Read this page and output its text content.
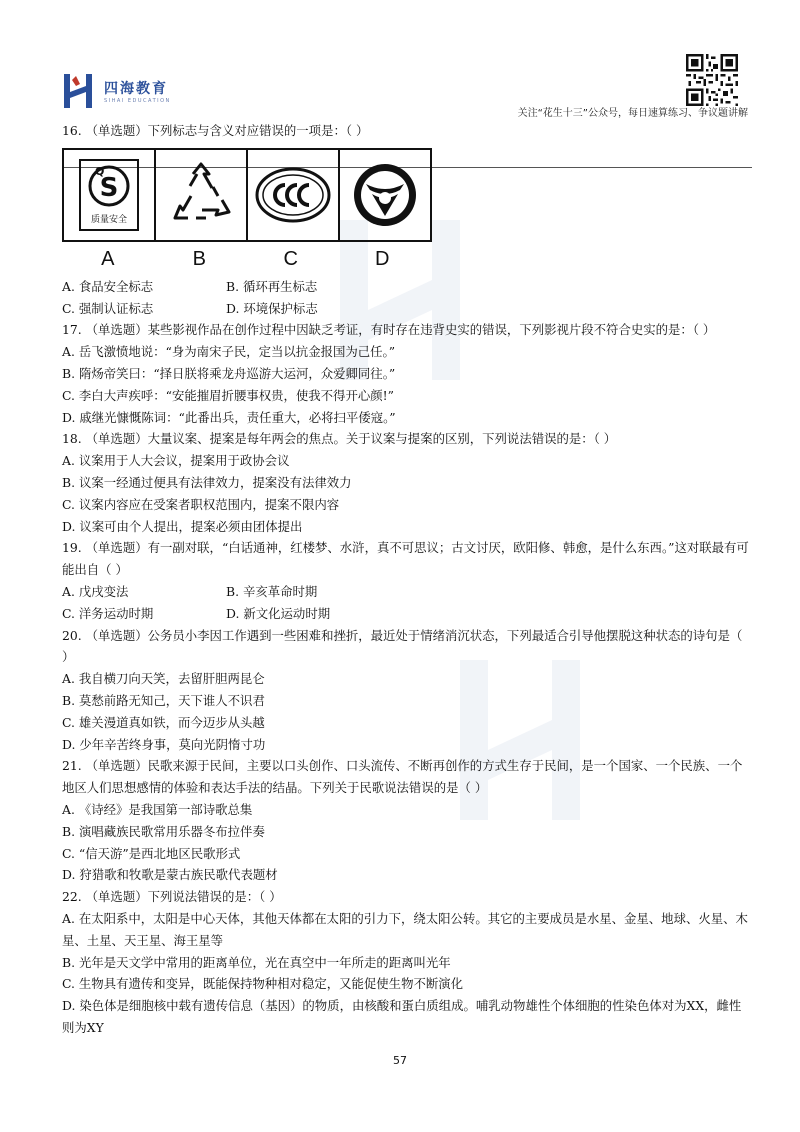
四海教育
SIHAI EDUCATION
关注“花生十三”公众号，每日速算练习、争议题讲解

16. （单选题）下列标志与含义对应错误的一项是：（ ）

S
Q
质量安全
A	B	C	D
A. 食品安全标志	B. 循环再生标志
C. 强制认证标志	D. 环境保护标志

17. （单选题）某些影视作品在创作过程中因缺乏考证，有时存在违背史实的错误，下列影视片段不符合史实的是：（ ）

A. 岳飞激愤地说：“身为南宋子民，定当以抗金报国为己任。”

B. 隋炀帝笑曰：“择日朕将乘龙舟巡游大运河，众爱卿同往。”

C. 李白大声疾呼：“安能摧眉折腰事权贵，使我不得开心颜!”

D. 戚继光慷慨陈词：“此番出兵，责任重大，必将扫平倭寇。”

18. （单选题）大量议案、提案是每年两会的焦点。关于议案与提案的区别，下列说法错误的是：（ ）

A. 议案用于人大会议，提案用于政协会议

B. 议案一经通过便具有法律效力，提案没有法律效力

C. 议案内容应在受案者职权范围内，提案不限内容

D. 议案可由个人提出，提案必须由团体提出

19. （单选题）有一副对联，“白话通神，红楼梦、水浒，真不可思议；古文讨厌，欧阳修、韩愈，是什么东西。”这对联最有可能出自（ ）

A. 戊戌变法	B. 辛亥革命时期
C. 洋务运动时期	D. 新文化运动时期

20. （单选题）公务员小李因工作遇到一些困难和挫折，最近处于情绪消沉状态，下列最适合引导他摆脱这种状态的诗句是（ ）

A. 我自横刀向天笑，去留肝胆两昆仑

B. 莫愁前路无知己，天下谁人不识君

C. 雄关漫道真如铁，而今迈步从头越

D. 少年辛苦终身事，莫向光阴惰寸功

21. （单选题）民歌来源于民间，主要以口头创作、口头流传、不断再创作的方式生存于民间，是一个国家、一个民族、一个地区人们思想感情的体验和表达手法的结晶。下列关于民歌说法错误的是（ ）

A. 《诗经》是我国第一部诗歌总集

B. 演唱藏族民歌常用乐器冬布拉伴奏

C. “信天游”是西北地区民歌形式

D. 狩猎歌和牧歌是蒙古族民歌代表题材

22. （单选题）下列说法错误的是：（ ）

A. 在太阳系中，太阳是中心天体，其他天体都在太阳的引力下，绕太阳公转。其它的主要成员是水星、金星、地球、火星、木星、土星、天王星、海王星等

B. 光年是天文学中常用的距离单位，光在真空中一年所走的距离叫光年

C. 生物具有遗传和变异，既能保持物种相对稳定，又能促使生物不断演化

D. 染色体是细胞核中载有遗传信息（基因）的物质，由核酸和蛋白质组成。哺乳动物雄性个体细胞的性染色体对为XX，雌性则为XY

57
